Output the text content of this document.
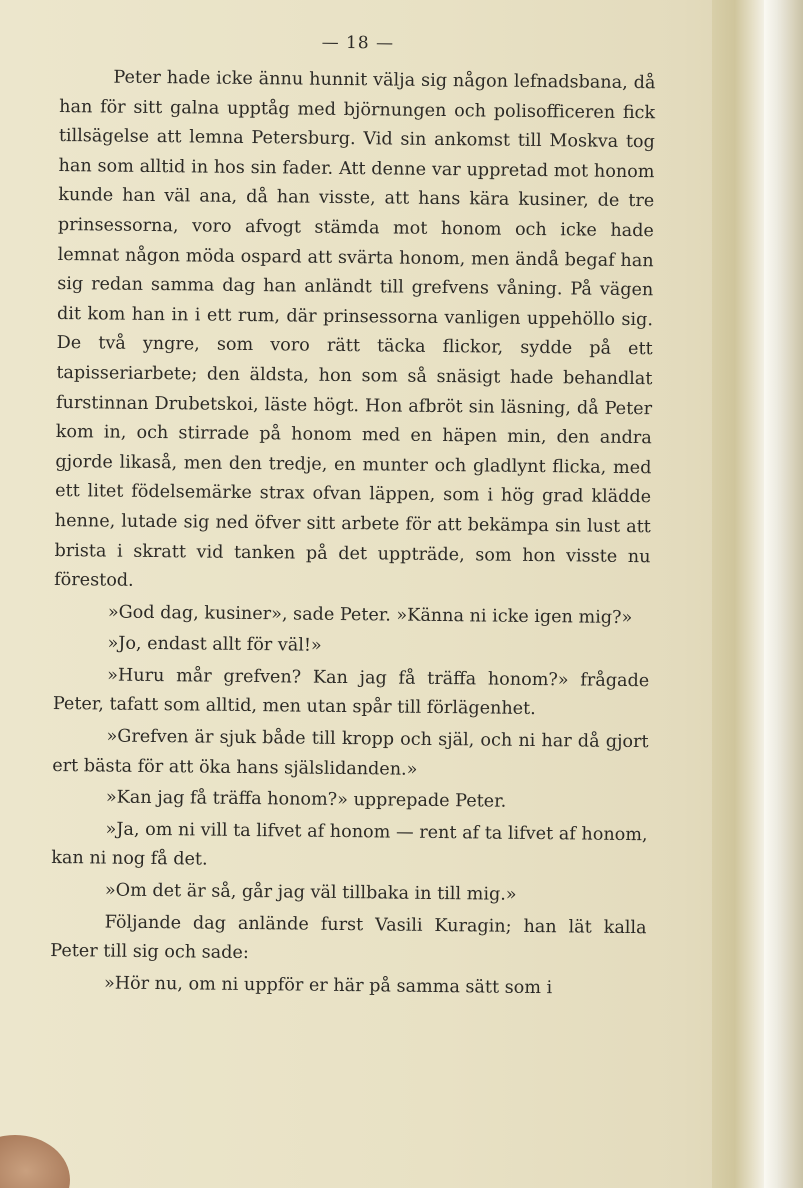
— 18 —

Peter hade icke ännu hunnit välja sig någon lefnadsbana, då han för sitt galna upptåg med björnungen och polisofficeren fick tillsägelse att lemna Petersburg. Vid sin ankomst till Moskva tog han som alltid in hos sin fader. Att denne var uppretad mot honom kunde han väl ana, då han visste, att hans kära kusiner, de tre prinsessorna, voro afvogt stämda mot honom och icke hade lemnat någon möda ospard att svärta honom, men ändå begaf han sig redan samma dag han anländt till grefvens våning. På vägen dit kom han in i ett rum, där prinsessorna vanligen uppehöllo sig. De två yngre, som voro rätt täcka flickor, sydde på ett tapisseriarbete; den äldsta, hon som så snäsigt hade behandlat furstinnan Drubetskoi, läste högt. Hon afbröt sin läsning, då Peter kom in, och stirrade på honom med en häpen min, den andra gjorde likaså, men den tredje, en munter och gladlynt flicka, med ett litet födelsemärke strax ofvan läppen, som i hög grad klädde henne, lutade sig ned öfver sitt arbete för att bekämpa sin lust att brista i skratt vid tanken på det uppträde, som hon visste nu förestod.

»God dag, kusiner», sade Peter. »Känna ni icke igen mig?»

»Jo, endast allt för väl!»

»Huru mår grefven? Kan jag få träffa honom?» frågade Peter, tafatt som alltid, men utan spår till förlägenhet.

»Grefven är sjuk både till kropp och själ, och ni har då gjort ert bästa för att öka hans själslidanden.»

»Kan jag få träffa honom?» upprepade Peter.

»Ja, om ni vill ta lifvet af honom — rent af ta lifvet af honom, kan ni nog få det.

»Om det är så, går jag väl tillbaka in till mig.»

Följande dag anlände furst Vasili Kuragin; han lät kalla Peter till sig och sade:

»Hör nu, om ni uppför er här på samma sätt som i
